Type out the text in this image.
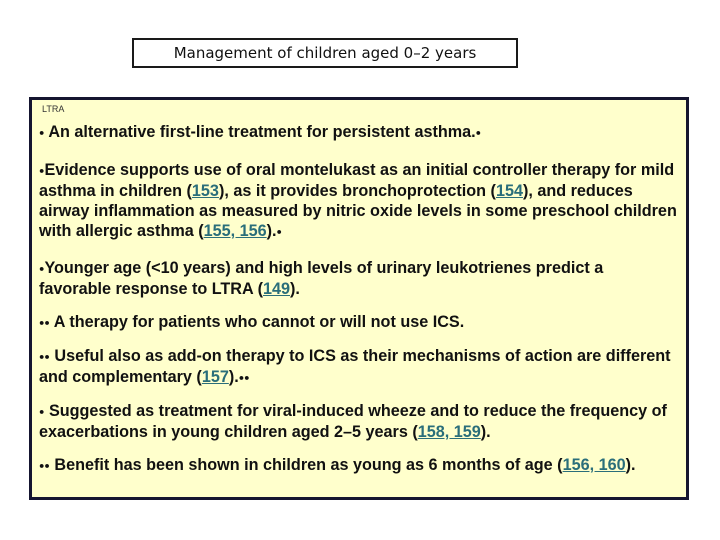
Management of children aged 0–2 years
LTRA
● An alternative first-line treatment for persistent asthma.●
●Evidence supports use of oral montelukast as an initial controller therapy for mild asthma in children (153), as it provides bronchoprotection (154), and reduces airway inflammation as measured by nitric oxide levels in some preschool children with allergic asthma (155, 156).●
●Younger age (<10 years) and high levels of urinary leukotrienes predict a favorable response to LTRA (149).
●● A therapy for patients who cannot or will not use ICS.
●● Useful also as add-on therapy to ICS as their mechanisms of action are different and complementary (157).●●
● Suggested as treatment for viral-induced wheeze and to reduce the frequency of exacerbations in young children aged 2–5 years (158, 159).
●● Benefit has been shown in children as young as 6 months of age (156, 160).
